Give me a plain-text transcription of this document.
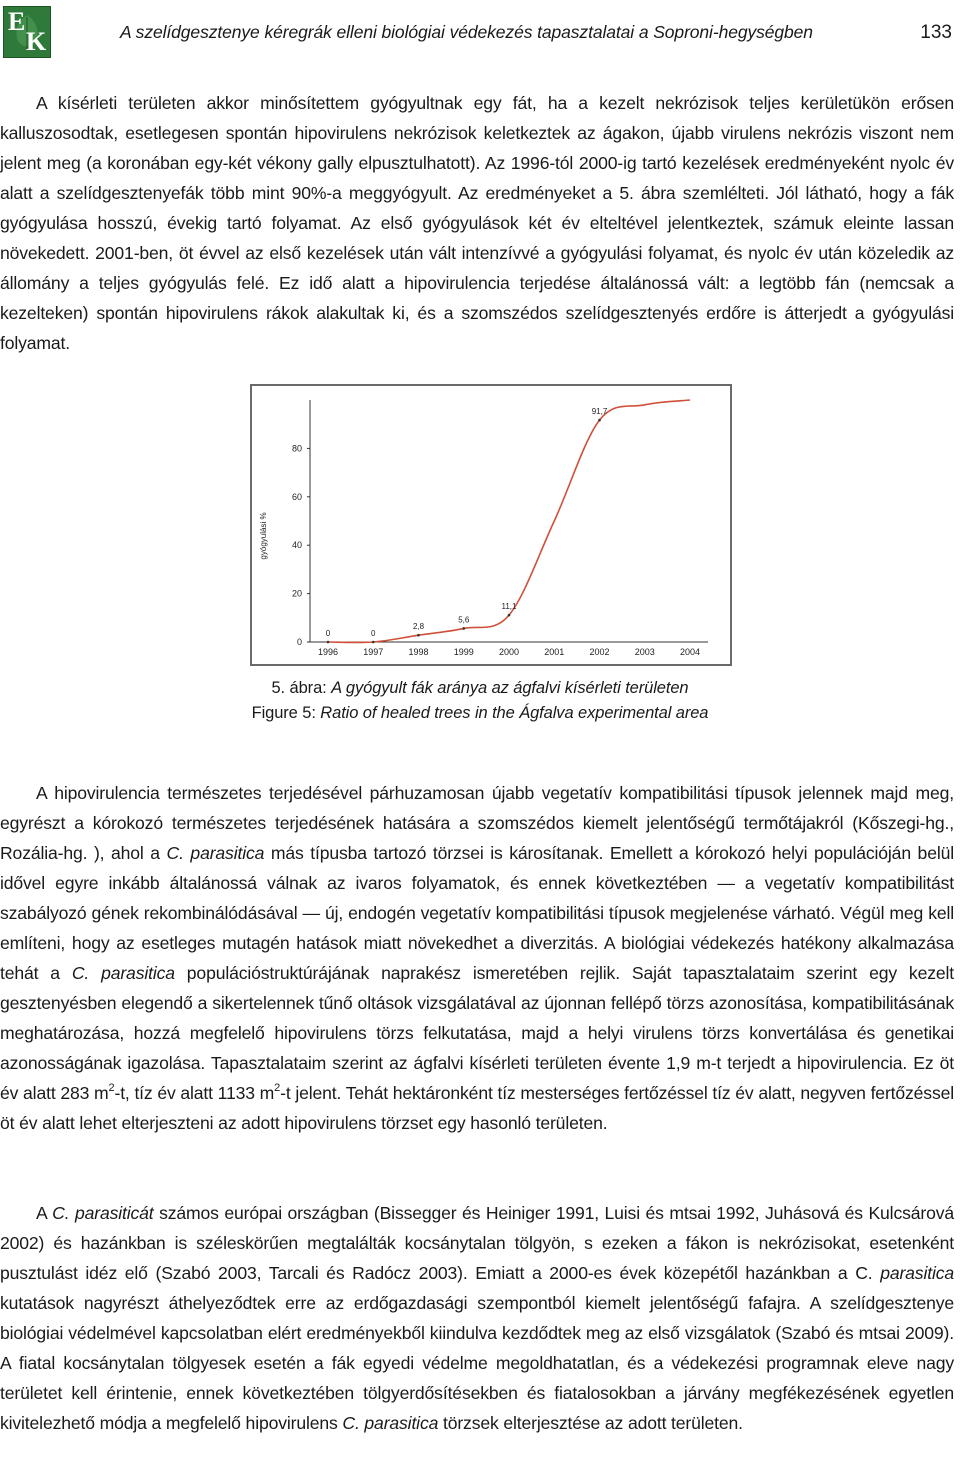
E
K	A szelídgesztenye kéregrák elleni biológiai védekezés tapasztalatai a Soproni-hegységben	133
A kísérleti területen akkor minősítettem gyógyultnak egy fát, ha a kezelt nekrózisok teljes kerületükön erősen kalluszosodtak, esetlegesen spontán hipovirulens nekrózisok keletkeztek az ágakon, újabb virulens nekrózis viszont nem jelent meg (a koronában egy-két vékony gally elpusztulhatott). Az 1996-tól 2000-ig tartó kezelések eredményeként nyolc év alatt a szelídgesztenyefák több mint 90%-a meggyógyult. Az eredményeket a 5. ábra szemlélteti. Jól látható, hogy a fák gyógyulása hosszú, évekig tartó folyamat. Az első gyógyulások két év elteltével jelentkeztek, számuk eleinte lassan növekedett. 2001-ben, öt évvel az első kezelések után vált intenzívvé a gyógyulási folyamat, és nyolc év után közeledik az állomány a teljes gyógyulás felé. Ez idő alatt a hipovirulencia terjedése általánossá vált: a legtöbb fán (nemcsak a kezelteken) spontán hipovirulens rákok alakultak ki, és a szomszédos szelídgesztenyés erdőre is átterjedt a gyógyulási folyamat.
0
20
40
60
80
1996	1997	1998	1999	2000	2001	2002	2003	2004
0	0
2,8
5,6
11,1
91,7
gyógyulási %
5. ábra: A gyógyult fák aránya az ágfalvi kísérleti területen
Figure 5: Ratio of healed trees in the Ágfalva experimental area
A hipovirulencia természetes terjedésével párhuzamosan újabb vegetatív kompatibilitási típusok jelennek majd meg, egyrészt a kórokozó természetes terjedésének hatására a szomszédos kiemelt jelentőségű termőtájakról (Kőszegi-hg., Rozália-hg. ), ahol a C. parasitica más típusba tartozó törzsei is károsítanak. Emellett a kórokozó helyi populációján belül idővel egyre inkább általánossá válnak az ivaros folyamatok, és ennek következtében — a vegetatív kompatibilitást szabályozó gének rekombinálódásával — új, endogén vegetatív kompatibilitási típusok megjelenése várható. Végül meg kell említeni, hogy az esetleges mutagén hatások miatt növekedhet a diverzitás. A biológiai védekezés hatékony alkalmazása tehát a C. parasitica populációstruktúrájának naprakész ismeretében rejlik. Saját tapasztalataim szerint egy kezelt gesztenyésben elegendő a sikertelennek tűnő oltások vizsgálatával az újonnan fellépő törzs azonosítása, kompatibilitásának meghatározása, hozzá megfelelő hipovirulens törzs felkutatása, majd a helyi virulens törzs konvertálása és genetikai azonosságának igazolása. Tapasztalataim szerint az ágfalvi kísérleti területen évente 1,9 m-t terjedt a hipovirulencia. Ez öt év alatt 283 $m^2-t$, tíz év alatt 1133 $m^2-t$ jelent. Tehát hektáronként tíz mesterséges fertőzéssel tíz év alatt, negyven fertőzéssel öt év alatt lehet elterjeszteni az adott hipovirulens törzset egy hasonló területen.
A C. parasiticát számos európai országban (Bissegger és Heiniger 1991, Luisi és mtsai 1992, Juhásová és Kulcsárová 2002) és hazánkban is széleskörűen megtalálták kocsánytalan tölgyön, s ezeken a fákon is nekrózisokat, esetenként pusztulást idéz elő (Szabó 2003, Tarcali és Radócz 2003). Emiatt a 2000-es évek közepétől hazánkban a C. parasitica kutatások nagyrészt áthelyeződtek erre az erdőgazdasági szempontból kiemelt jelentőségű fafajra. A szelídgesztenye biológiai védelmével kapcsolatban elért eredményekből kiindulva kezdődtek meg az első vizsgálatok (Szabó és mtsai 2009). A fiatal kocsánytalan tölgyesek esetén a fák egyedi védelme megoldhatatlan, és a védekezési programnak eleve nagy területet kell érintenie, ennek következtében tölgyerdősítésekben és fiatalosokban a járvány megfékezésének egyetlen kivitelezhető módja a megfelelő hipovirulens C. parasitica törzsek elterjesztése az adott területen.
